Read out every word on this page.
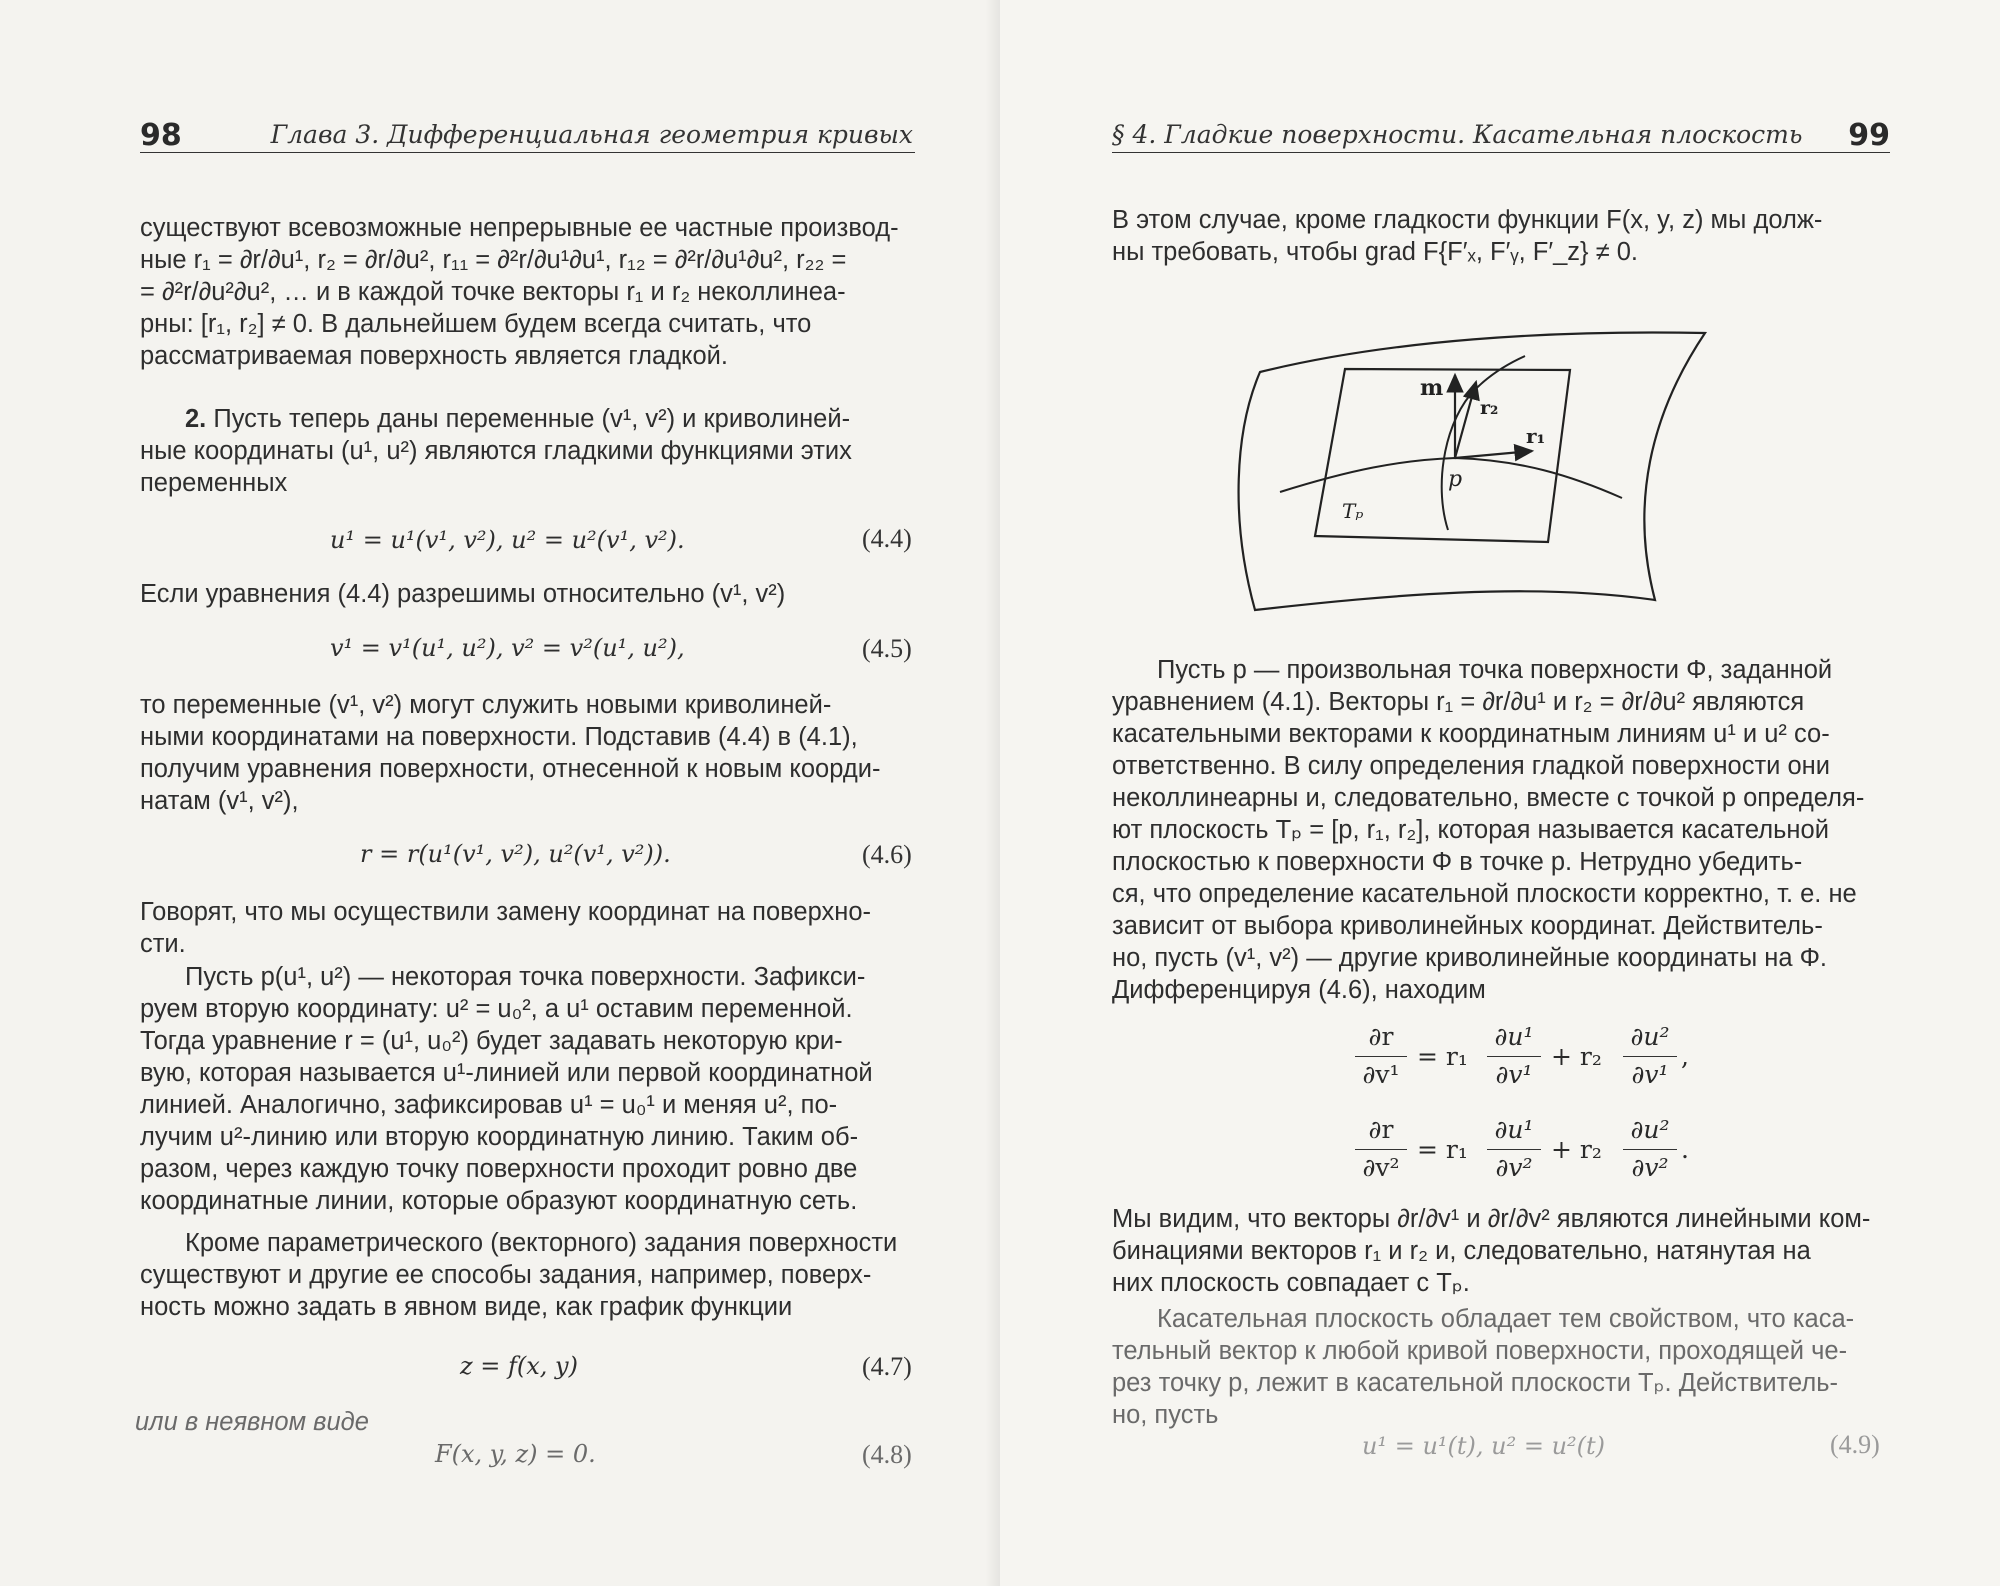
98	Глава 3. Дифференциальная геометрия кривых

существуют всевозможные непрерывные ее частные производ-

ные r₁ = ∂r/∂u¹, r₂ = ∂r/∂u², r₁₁ = ∂²r/∂u¹∂u¹, r₁₂ = ∂²r/∂u¹∂u², r₂₂ =

= ∂²r/∂u²∂u², … и в каждой точке векторы r₁ и r₂ неколлинеа-

рны: [r₁, r₂] ≠ 0. В дальнейшем будем всегда считать, что

рассматриваемая поверхность является гладкой.

2. Пусть теперь даны переменные (v¹, v²) и криволиней-

ные координаты (u¹, u²) являются гладкими функциями этих

переменных

u¹ = u¹(v¹, v²), u² = u²(v¹, v²).	(4.4)

Если уравнения (4.4) разрешимы относительно (v¹, v²)

v¹ = v¹(u¹, u²), v² = v²(u¹, u²),	(4.5)

то переменные (v¹, v²) могут служить новыми криволиней-

ными координатами на поверхности. Подставив (4.4) в (4.1),

получим уравнения поверхности, отнесенной к новым коорди-

натам (v¹, v²),

r = r(u¹(v¹, v²), u²(v¹, v²)).	(4.6)

Говорят, что мы осуществили замену координат на поверхно-

сти.

Пусть p(u¹, u²) — некоторая точка поверхности. Зафикси-

руем вторую координату: u² = u₀², а u¹ оставим переменной.

Тогда уравнение r = (u¹, u₀²) будет задавать некоторую кри-

вую, которая называется u¹-линией или первой координатной

линией. Аналогично, зафиксировав u¹ = u₀¹ и меняя u², по-

лучим u²-линию или вторую координатную линию. Таким об-

разом, через каждую точку поверхности проходит ровно две

координатные линии, которые образуют координатную сеть.

Кроме параметрического (векторного) задания поверхности

существуют и другие ее способы задания, например, поверх-

ность можно задать в явном виде, как график функции

z = f(x, y)	(4.7)

или в неявном виде

F(x, y, z) = 0.	(4.8)
§ 4. Гладкие поверхности. Касательная плоскость 99

В этом случае, кроме гладкости функции F(x, y, z) мы долж-

ны требовать, чтобы grad F{F′ₓ, F′ᵧ, F′_z} ≠ 0.

m
r₂
r₁
p
Tₚ

Пусть p — произвольная точка поверхности Φ, заданной

уравнением (4.1). Векторы r₁ = ∂r/∂u¹ и r₂ = ∂r/∂u² являются

касательными векторами к координатным линиям u¹ и u² со-

ответственно. В силу определения гладкой поверхности они

неколлинеарны и, следовательно, вместе с точкой p определя-

ют плоскость Tₚ = [p, r₁, r₂], которая называется касательной

плоскостью к поверхности Φ в точке p. Нетрудно убедить-

ся, что определение касательной плоскости корректно, т. е. не

зависит от выбора криволинейных координат. Действитель-

но, пусть (v¹, v²) — другие криволинейные координаты на Φ.

Дифференцируя (4.6), находим

∂r
∂v¹
= r₁
∂u¹
∂v¹
+ r₂
∂u²
∂v¹
,
∂r
∂v²
= r₁
∂u¹
∂v²
+ r₂
∂u²
∂v²
.

Мы видим, что векторы ∂r/∂v¹ и ∂r/∂v² являются линейными ком-

бинациями векторов r₁ и r₂ и, следовательно, натянутая на

них плоскость совпадает с Tₚ.

Касательная плоскость обладает тем свойством, что каса-

тельный вектор к любой кривой поверхности, проходящей че-

рез точку p, лежит в касательной плоскости Tₚ. Действитель-

но, пусть

u¹ = u¹(t), u² = u²(t)	(4.9)
